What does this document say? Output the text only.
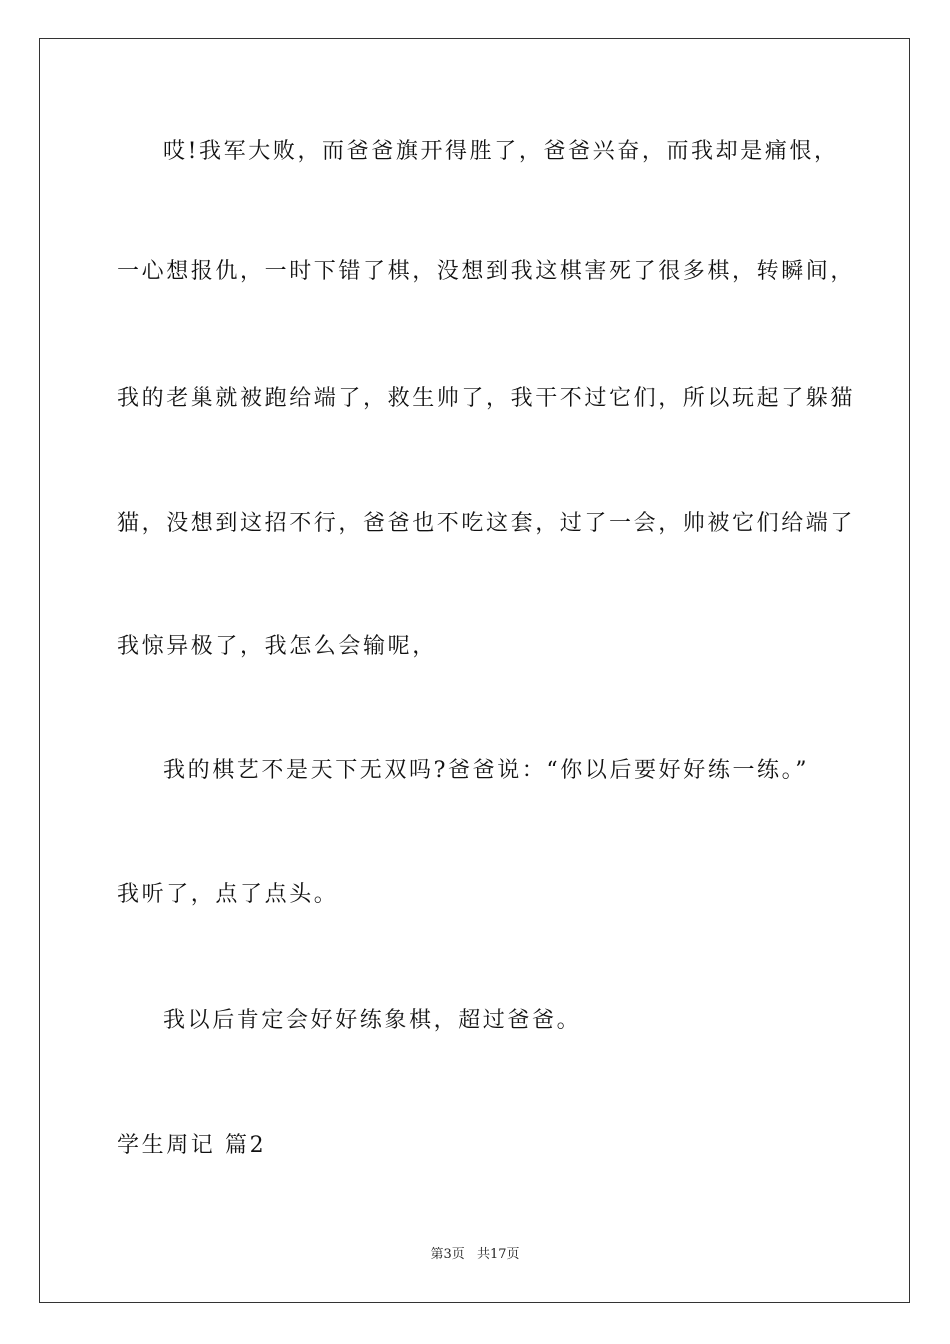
哎!我军大败，而爸爸旗开得胜了，爸爸兴奋，而我却是痛恨，
一心想报仇，一时下错了棋，没想到我这棋害死了很多棋，转瞬间，
我的老巢就被跑给端了，救生帅了，我干不过它们，所以玩起了躲猫
猫，没想到这招不行，爸爸也不吃这套，过了一会，帅被它们给端了
我惊异极了，我怎么会输呢，
我的棋艺不是天下无双吗?爸爸说：“你以后要好好练一练。”
我听了，点了点头。
我以后肯定会好好练象棋，超过爸爸。
学生周记 篇2
第3页 共17页
